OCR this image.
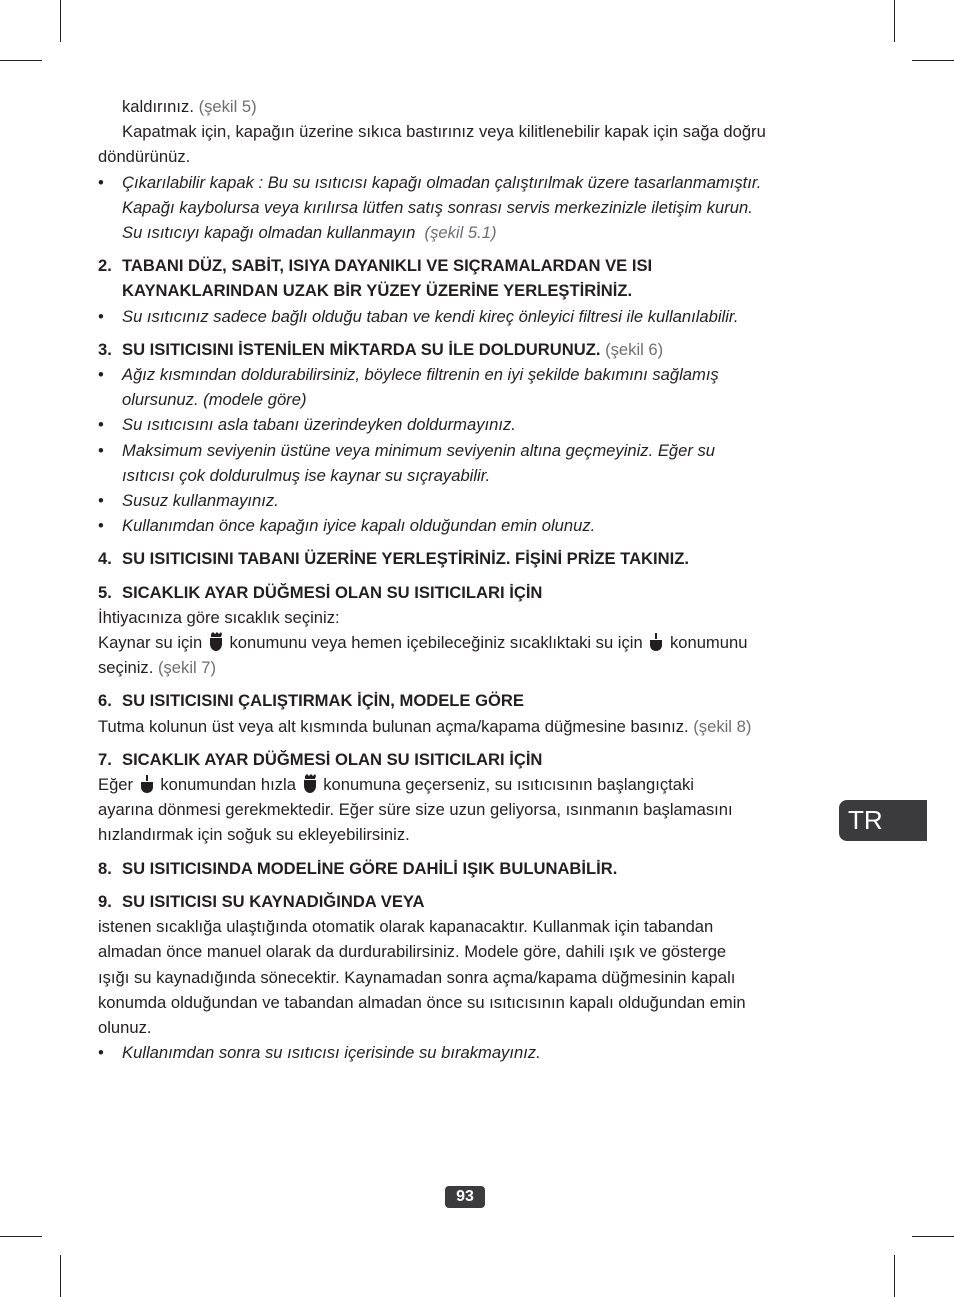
kaldırınız. (şekil 5)

Kapatmak için, kapağın üzerine sıkıca bastırınız veya kilitlenebilir kapak için sağa doğru

döndürünüz.

• Çıkarılabilir kapak : Bu su ısıtıcısı kapağı olmadan çalıştırılmak üzere tasarlanmamıştır.
Kapağı kaybolursa veya kırılırsa lütfen satış sonrası servis merkezinizle iletişim kurun.
Su ısıtıcıyı kapağı olmadan kullanmayın (şekil 5.1)
2. TABANI DÜZ, SABİT, ISIYA DAYANIKLI VE SIÇRAMALARDAN VE ISI
KAYNAKLARINDAN UZAK BİR YÜZEY ÜZERİNE YERLEŞTİRİNİZ.
• Su ısıtıcınız sadece bağlı olduğu taban ve kendi kireç önleyici filtresi ile kullanılabilir.
3. SU ISITICISINI İSTENİLEN MİKTARDA SU İLE DOLDURUNUZ. (şekil 6)
• Ağız kısmından doldurabilirsiniz, böylece filtrenin en iyi şekilde bakımını sağlamış
olursunuz. (modele göre)
• Su ısıtıcısını asla tabanı üzerindeyken doldurmayınız.
• Maksimum seviyenin üstüne veya minimum seviyenin altına geçmeyiniz. Eğer su
ısıtıcısı çok doldurulmuş ise kaynar su sıçrayabilir.
• Susuz kullanmayınız.
• Kullanımdan önce kapağın iyice kapalı olduğundan emin olunuz.
4. SU ISITICISINI TABANI ÜZERİNE YERLEŞTİRİNİZ. FİŞİNİ PRİZE TAKINIZ.
5. SICAKLIK AYAR DÜĞMESİ OLAN SU ISITICILARI İÇİN

İhtiyacınıza göre sıcaklık seçiniz:

Kaynar su için konumunu veya hemen içebileceğiniz sıcaklıktaki su için konumunu

seçiniz. (şekil 7)

6. SU ISITICISINI ÇALIŞTIRMAK İÇİN, MODELE GÖRE

Tutma kolunun üst veya alt kısmında bulunan açma/kapama düğmesine basınız. (şekil 8)

7. SICAKLIK AYAR DÜĞMESİ OLAN SU ISITICILARI İÇİN

Eğer konumundan hızla konumuna geçerseniz, su ısıtıcısının başlangıçtaki

ayarına dönmesi gerekmektedir. Eğer süre size uzun geliyorsa, ısınmanın başlamasını

hızlandırmak için soğuk su ekleyebilirsiniz.

8. SU ISITICISINDA MODELİNE GÖRE DAHİLİ IŞIK BULUNABİLİR.
9. SU ISITICISI SU KAYNADIĞINDA VEYA

istenen sıcaklığa ulaştığında otomatik olarak kapanacaktır. Kullanmak için tabandan

almadan önce manuel olarak da durdurabilirsiniz. Modele göre, dahili ışık ve gösterge

ışığı su kaynadığında sönecektir. Kaynamadan sonra açma/kapama düğmesinin kapalı

konumda olduğundan ve tabandan almadan önce su ısıtıcısının kapalı olduğundan emin

olunuz.

• Kullanımdan sonra su ısıtıcısı içerisinde su bırakmayınız.
TR
93
